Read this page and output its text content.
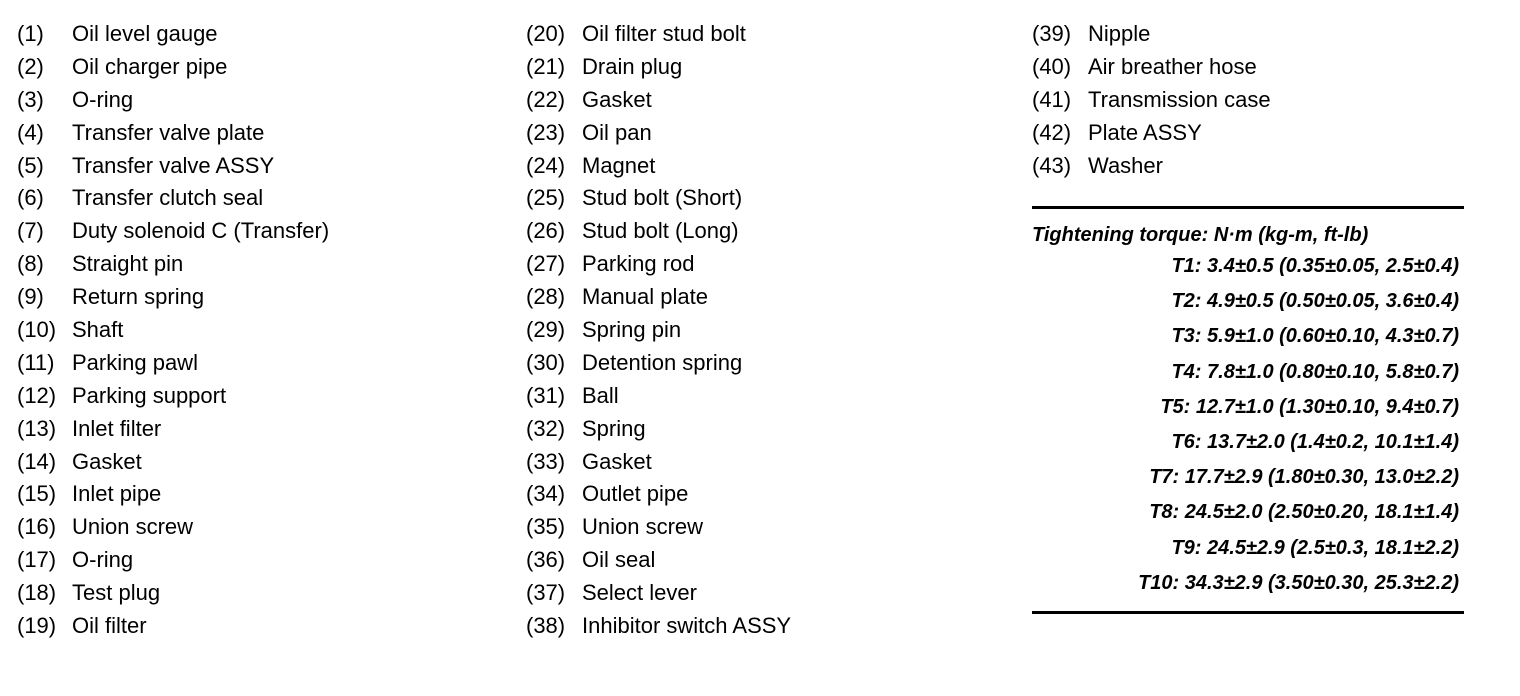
(1) Oil level gauge
(2) Oil charger pipe
(3) O-ring
(4) Transfer valve plate
(5) Transfer valve ASSY
(6) Transfer clutch seal
(7) Duty solenoid C (Transfer)
(8) Straight pin
(9) Return spring
(10) Shaft
(11) Parking pawl
(12) Parking support
(13) Inlet filter
(14) Gasket
(15) Inlet pipe
(16) Union screw
(17) O-ring
(18) Test plug
(19) Oil filter
(20) Oil filter stud bolt
(21) Drain plug
(22) Gasket
(23) Oil pan
(24) Magnet
(25) Stud bolt (Short)
(26) Stud bolt (Long)
(27) Parking rod
(28) Manual plate
(29) Spring pin
(30) Detention spring
(31) Ball
(32) Spring
(33) Gasket
(34) Outlet pipe
(35) Union screw
(36) Oil seal
(37) Select lever
(38) Inhibitor switch ASSY
(39) Nipple
(40) Air breather hose
(41) Transmission case
(42) Plate ASSY
(43) Washer
Tightening torque: N·m (kg-m, ft-lb)
T1: 3.4±0.5 (0.35±0.05, 2.5±0.4)
T2: 4.9±0.5 (0.50±0.05, 3.6±0.4)
T3: 5.9±1.0 (0.60±0.10, 4.3±0.7)
T4: 7.8±1.0 (0.80±0.10, 5.8±0.7)
T5: 12.7±1.0 (1.30±0.10, 9.4±0.7)
T6: 13.7±2.0 (1.4±0.2, 10.1±1.4)
T7: 17.7±2.9 (1.80±0.30, 13.0±2.2)
T8: 24.5±2.0 (2.50±0.20, 18.1±1.4)
T9: 24.5±2.9 (2.5±0.3, 18.1±2.2)
T10: 34.3±2.9 (3.50±0.30, 25.3±2.2)
